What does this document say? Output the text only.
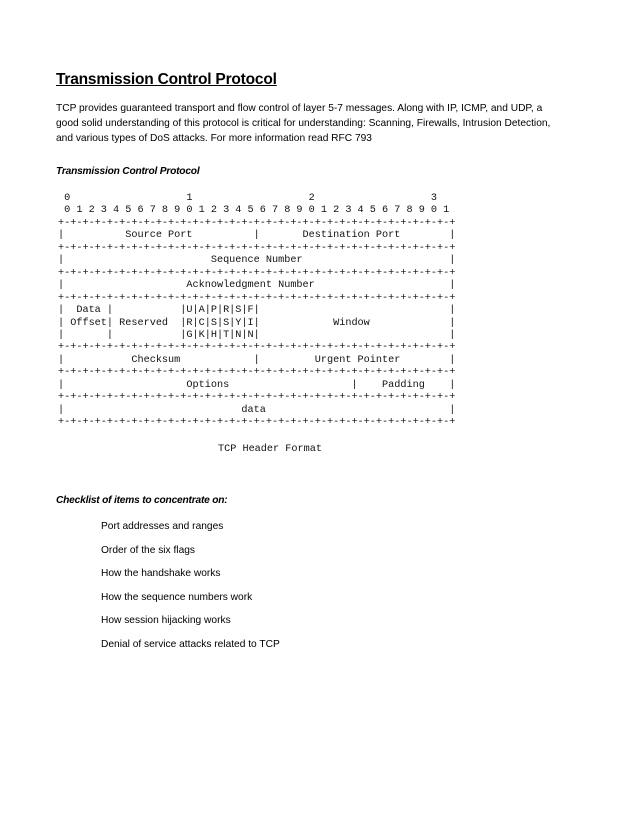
Transmission Control Protocol
TCP provides guaranteed transport and flow control of layer 5-7 messages. Along with IP, ICMP, and UDP, a
good solid understanding of this protocol is critical for understanding: Scanning, Firewalls, Intrusion Detection,
and various types of DoS attacks. For more information read RFC 793
Transmission Control Protocol
0                   1                   2                   3
0 1 2 3 4 5 6 7 8 9 0 1 2 3 4 5 6 7 8 9 0 1 2 3 4 5 6 7 8 9 0 1
+-+-+-+-+-+-+-+-+-+-+-+-+-+-+-+-+-+-+-+-+-+-+-+-+-+-+-+-+-+-+-+-+
|          Source Port          |       Destination Port        |
+-+-+-+-+-+-+-+-+-+-+-+-+-+-+-+-+-+-+-+-+-+-+-+-+-+-+-+-+-+-+-+-+
|                        Sequence Number                        |
+-+-+-+-+-+-+-+-+-+-+-+-+-+-+-+-+-+-+-+-+-+-+-+-+-+-+-+-+-+-+-+-+
|                    Acknowledgment Number                      |
+-+-+-+-+-+-+-+-+-+-+-+-+-+-+-+-+-+-+-+-+-+-+-+-+-+-+-+-+-+-+-+-+
|  Data |           |U|A|P|R|S|F|                               |
| Offset| Reserved  |R|C|S|S|Y|I|            Window             |
|       |           |G|K|H|T|N|N|                               |
+-+-+-+-+-+-+-+-+-+-+-+-+-+-+-+-+-+-+-+-+-+-+-+-+-+-+-+-+-+-+-+-+
|           Checksum            |         Urgent Pointer        |
+-+-+-+-+-+-+-+-+-+-+-+-+-+-+-+-+-+-+-+-+-+-+-+-+-+-+-+-+-+-+-+-+
|                    Options                    |    Padding    |
+-+-+-+-+-+-+-+-+-+-+-+-+-+-+-+-+-+-+-+-+-+-+-+-+-+-+-+-+-+-+-+-+
|                             data                              |
+-+-+-+-+-+-+-+-+-+-+-+-+-+-+-+-+-+-+-+-+-+-+-+-+-+-+-+-+-+-+-+-+
TCP Header Format
Checklist of items to concentrate on:
Port addresses and ranges
Order of the six flags
How the handshake works
How the sequence numbers work
How session hijacking works
Denial of service attacks related to TCP
